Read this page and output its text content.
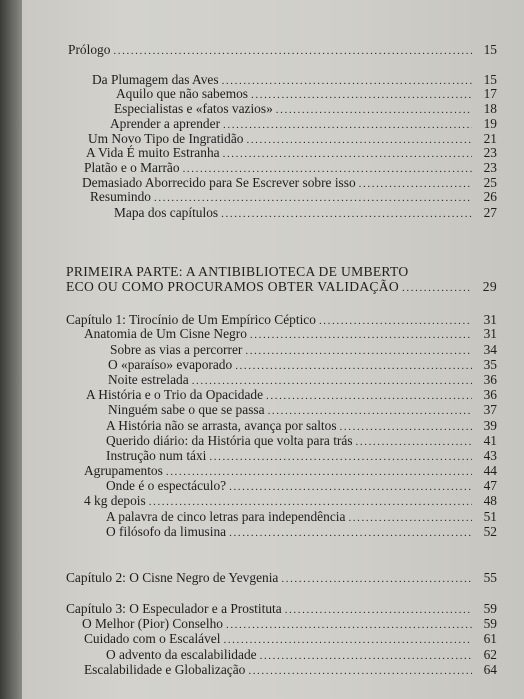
Prólogo .....	15
Da Plumagem das Aves .....	15
Aquilo que não sabemos .....	17
Especialistas e «fatos vazios» .....	18
Aprender a aprender .....	19
Um Novo Tipo de Ingratidão .....	21
A Vida É muito Estranha .....	23
Platão e o Marrão .....	23
Demasiado Aborrecido para Se Escrever sobre isso .....	25
Resumindo .....	26
Mapa dos capítulos .....	27
PRIMEIRA PARTE: A ANTIBIBLIOTECA DE UMBERTO
ECO OU COMO PROCURAMOS OBTER VALIDAÇÃO .....	29
Capítulo 1: Tirocínio de Um Empírico Céptico .....	31
Anatomia de Um Cisne Negro .....	31
Sobre as vias a percorrer .....	34
O «paraíso» evaporado .....	35
Noite estrelada .....	36
A História e o Trio da Opacidade .....	36
Ninguém sabe o que se passa .....	37
A História não se arrasta, avança por saltos .....	39
Querido diário: da História que volta para trás .....	41
Instrução num táxi .....	43
Agrupamentos .....	44
Onde é o espectáculo? .....	47
4 kg depois .....	48
A palavra de cinco letras para independência .....	51
O filósofo da limusina .....	52
Capítulo 2: O Cisne Negro de Yevgenia .....	55
Capítulo 3: O Especulador e a Prostituta .....	59
O Melhor (Pior) Conselho .....	59
Cuidado com o Escalável .....	61
O advento da escalabilidade .....	62
Escalabilidade e Globalização .....	64
